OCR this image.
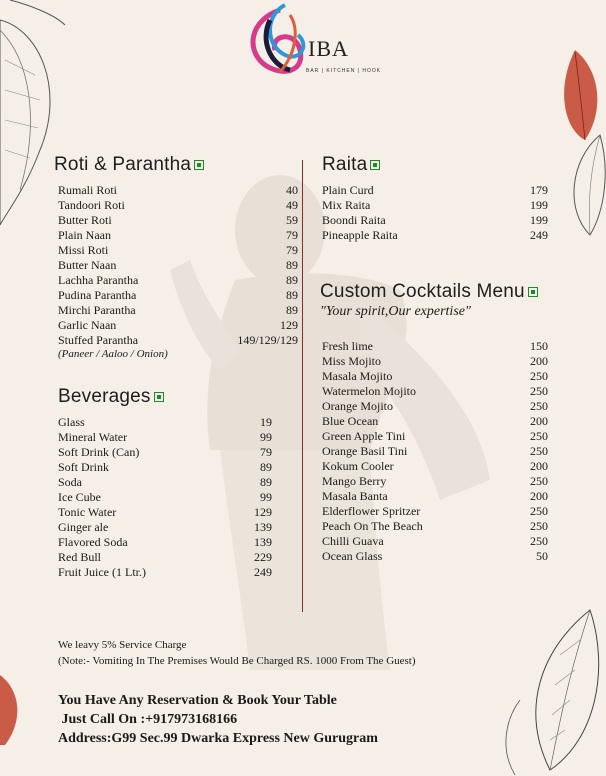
IBA
BAR | KITCHEN | HOOK
Roti & Parantha
Rumali Roti	40
Tandoori Roti	49
Butter Roti	59
Plain Naan	79
Missi Roti	79
Butter Naan	89
Lachha Parantha	89
Pudina Parantha	89
Mirchi Parantha	89
Garlic Naan	129
Stuffed Parantha	149/129/129
(Paneer / Aaloo / Onion)
Beverages
Glass	19
Mineral Water	99
Soft Drink (Can)	79
Soft Drink	89
Soda	89
Ice Cube	99
Tonic Water	129
Ginger ale	139
Flavored Soda	139
Red Bull	229
Fruit Juice (1 Ltr.)	249
Raita
Plain Curd	179
Mix Raita	199
Boondi Raita	199
Pineapple Raita	249
Custom Cocktails Menu
"Your spirit,Our expertise"
Fresh lime	150
Miss Mojito	200
Masala Mojito	250
Watermelon Mojito	250
Orange Mojito	250
Blue Ocean	200
Green Apple Tini	250
Orange Basil Tini	250
Kokum Cooler	200
Mango Berry	250
Masala Banta	200
Elderflower Spritzer	250
Peach On The Beach	250
Chilli Guava	250
Ocean Glass	50
We leavy 5% Service Charge
(Note:- Vomiting In The Premises Would Be Charged RS. 1000 From The Guest)
You Have Any Reservation & Book Your Table
Just Call On :+917973168166
Address:G99 Sec.99 Dwarka Express New Gurugram
